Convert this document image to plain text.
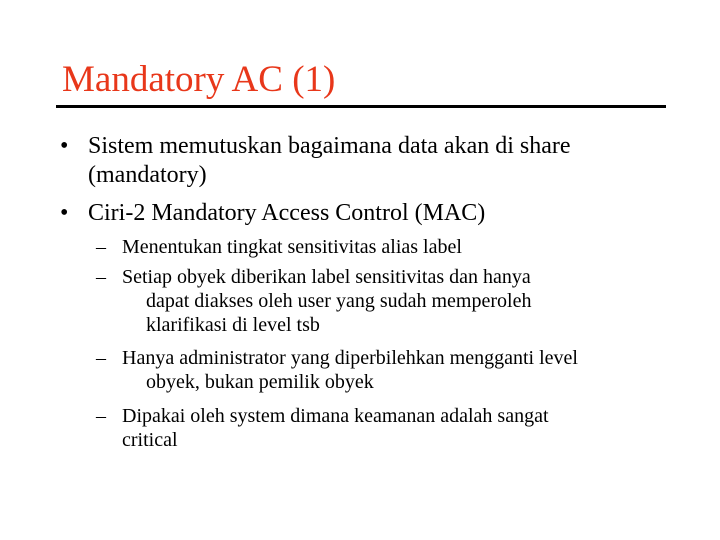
Mandatory AC (1)
• Sistem memutuskan bagaimana data akan di share
(mandatory)
• Ciri-2 Mandatory Access Control (MAC)
– Menentukan tingkat sensitivitas alias label
– Setiap obyek diberikan label sensitivitas dan hanya
dapat diakses oleh user yang sudah memperoleh
klarifikasi di level tsb
– Hanya administrator yang diperbilehkan mengganti level
obyek, bukan pemilik obyek
– Dipakai oleh system dimana keamanan adalah sangat
critical
